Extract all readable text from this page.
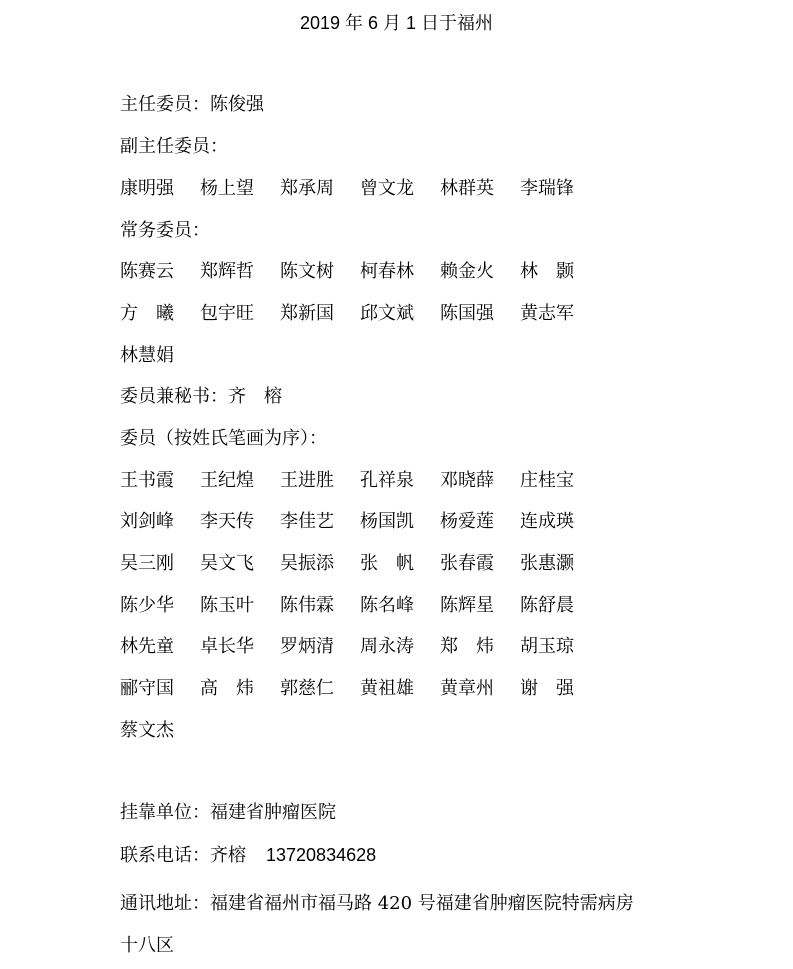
2019 年 6 月 1 日于福州
主任委员：陈俊强
副主任委员：
康明强 杨上望 郑承周 曾文龙 林群英 李瑞锋
常务委员：
陈赛云 郑辉哲 陈文树 柯春林 赖金火 林　颢
方　曦 包宇旺 郑新国 邱文斌 陈国强 黄志军
林慧娟
委员兼秘书：齐　榕
委员（按姓氏笔画为序）：
王书霞 王纪煌 王进胜 孔祥泉 邓晓薛 庄桂宝
刘剑峰 李天传 李佳艺 杨国凯 杨爱莲 连成瑛
吴三刚 吴文飞 吴振添 张　帆 张春霞 张惠灏
陈少华 陈玉叶 陈伟霖 陈名峰 陈辉星 陈舒晨
林先童 卓长华 罗炳清 周永涛 郑　炜 胡玉琼
郦守国 高　炜 郭慈仁 黄祖雄 黄章州 谢　强
蔡文杰
挂靠单位：福建省肿瘤医院
联系电话：齐榕 13720834628
通讯地址：福建省福州市福马路 420 号福建省肿瘤医院特需病房
十八区
